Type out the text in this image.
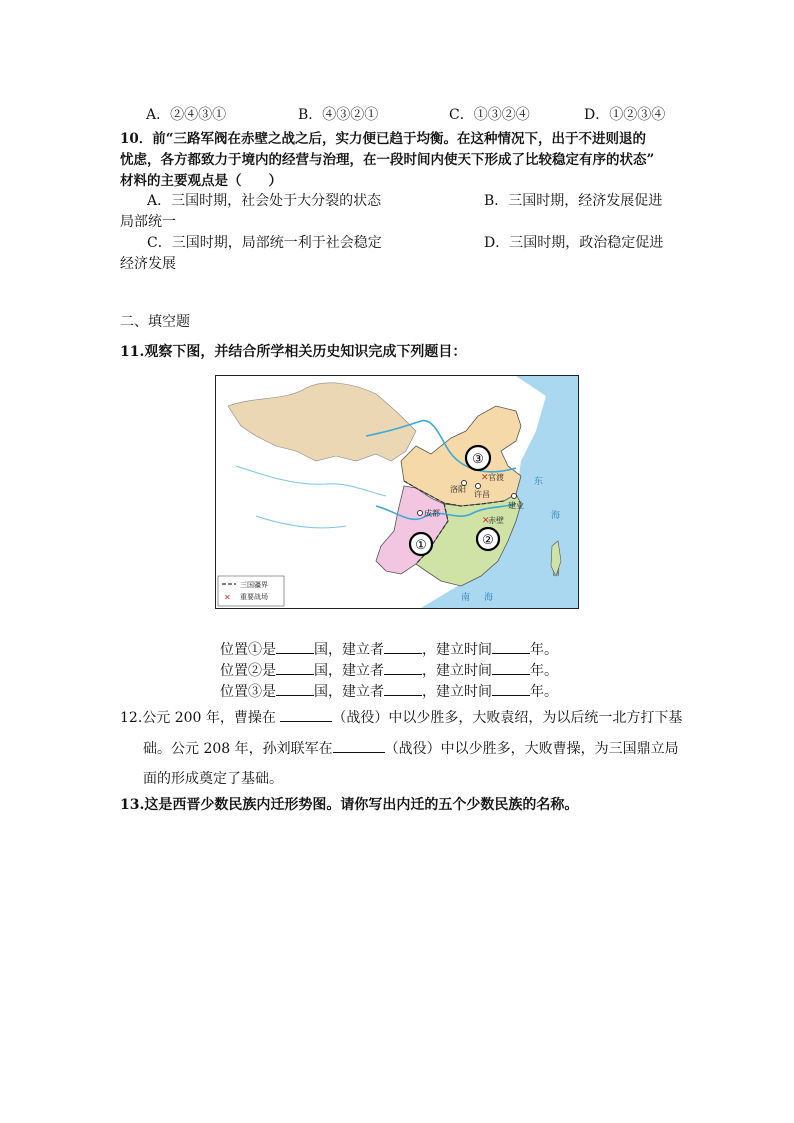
A．②④③①	B．④③②①	C．①③②④	D．①②③④
10．前“三路军阀在赤壁之战之后，实力便已趋于均衡。在这种情况下，出于不进则退的
忧虑，各方都致力于境内的经营与治理，在一段时间内使天下形成了比较稳定有序的状态”
材料的主要观点是（　　）
A．三国时期，社会处于大分裂的状态	B．三国时期，经济发展促进
局部统一
C．三国时期，局部统一利于社会稳定	D．三国时期，政治稳定促进
经济发展
二、填空题
11.观察下图，并结合所学相关历史知识完成下列题目：
✕
✕
洛阳
官渡
许昌
成都
建业
赤壁
东
海
南 海
①	②
③
三国疆界
✕ 重要战场
位置①是	国，建立者	，建立时间	年。
位置②是	国，建立者	，建立时间	年。
位置③是	国，建立者	，建立时间	年。
12.公元 200 年，曹操在	（战役）中以少胜多，大败袁绍，为以后统一北方打下基
础。公元 208 年，孙刘联军在	（战役）中以少胜多，大败曹操，为三国鼎立局
面的形成奠定了基础。
13.这是西晋少数民族内迁形势图。请你写出内迁的五个少数民族的名称。
